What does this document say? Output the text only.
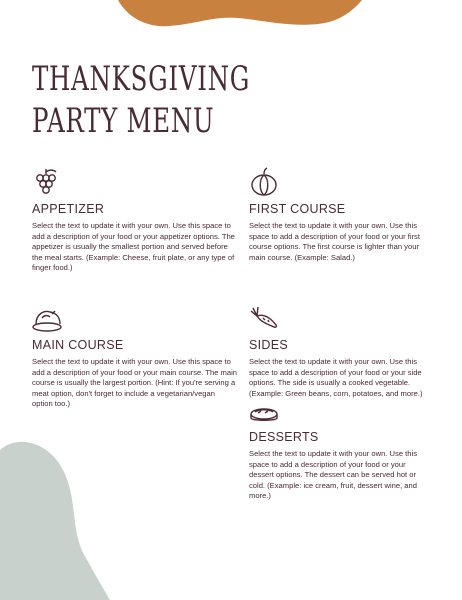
THANKSGIVING
PARTY MENU
APPETIZER

Select the text to update it with your own. Use this space to add a description of your food or your appetizer options. The appetizer is usually the smallest portion and served before the meal starts. (Example: Cheese, fruit plate, or any type of finger food.)

FIRST COURSE

Select the text to update it with your own. Use this space to add a description of your food or your first course options. The first course is lighter than your main course. (Example: Salad.)

MAIN COURSE

Select the text to update it with your own. Use this space to add a description of your food or your main course. The main course is usually the largest portion. (Hint: If you're serving a meat option, don't forget to include a vegetarian/vegan option too.)

SIDES

Select the text to update it with your own. Use this space to add a description of your food or your side options. The side is usually a cooked vegetable. (Example: Green beans, corn, potatoes, and more.)

DESSERTS

Select the text to update it with your own. Use this space to add a description of your food or your dessert options. The dessert can be served hot or cold. (Example: ice cream, fruit, dessert wine, and more.)
